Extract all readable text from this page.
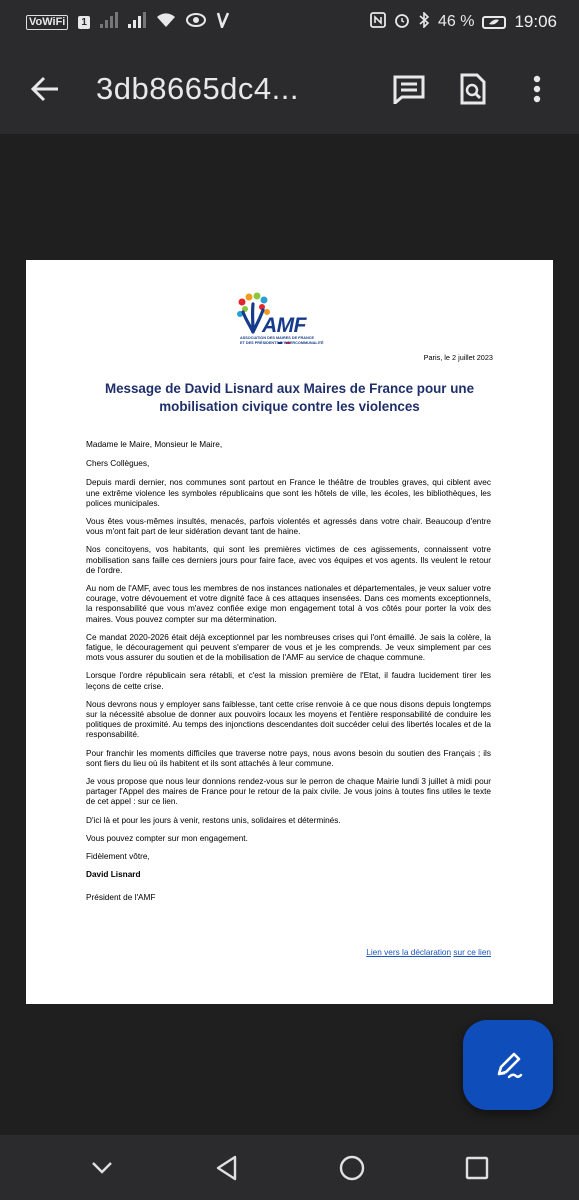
VoWiFi	1	46 % 19:06
3db8665dc4...
AMF
ASSOCIATION DES MAIRES DE FRANCE
ET DES PRÉSIDENTS D'INTERCOMMUNALITÉ
Paris, le 2 juillet 2023
Message de David Lisnard aux Maires de France pour une mobilisation civique contre les violences

Madame le Maire, Monsieur le Maire,

Chers Collègues,

Depuis mardi dernier, nos communes sont partout en France le théâtre de troubles graves, qui ciblent avec une extrême violence les symboles républicains que sont les hôtels de ville, les écoles, les bibliothèques, les polices municipales.

Vous êtes vous-mêmes insultés, menacés, parfois violentés et agressés dans votre chair. Beaucoup d'entre vous m'ont fait part de leur sidération devant tant de haine.

Nos concitoyens, vos habitants, qui sont les premières victimes de ces agissements, connaissent votre mobilisation sans faille ces derniers jours pour faire face, avec vos équipes et vos agents. Ils veulent le retour de l'ordre.

Au nom de l'AMF, avec tous les membres de nos instances nationales et départementales, je veux saluer votre courage, votre dévouement et votre dignité face à ces attaques insensées. Dans ces moments exceptionnels, la responsabilité que vous m'avez confiée exige mon engagement total à vos côtés pour porter la voix des maires. Vous pouvez compter sur ma détermination.

Ce mandat 2020-2026 était déjà exceptionnel par les nombreuses crises qui l'ont émaillé. Je sais la colère, la fatigue, le découragement qui peuvent s'emparer de vous et je les comprends. Je veux simplement par ces mots vous assurer du soutien et de la mobilisation de l'AMF au service de chaque commune.

Lorsque l'ordre républicain sera rétabli, et c'est la mission première de l'Etat, il faudra lucidement tirer les leçons de cette crise.

Nous devrons nous y employer sans faiblesse, tant cette crise renvoie à ce que nous disons depuis longtemps sur la nécessité absolue de donner aux pouvoirs locaux les moyens et l'entière responsabilité de conduire les politiques de proximité. Au temps des injonctions descendantes doit succéder celui des libertés locales et de la responsabilité.

Pour franchir les moments difficiles que traverse notre pays, nous avons besoin du soutien des Français ; ils sont fiers du lieu où ils habitent et ils sont attachés à leur commune.

Je vous propose que nous leur donnions rendez-vous sur le perron de chaque Mairie lundi 3 juillet à midi pour partager l'Appel des maires de France pour le retour de la paix civile. Je vous joins à toutes fins utiles le texte de cet appel : sur ce lien.

D'ici là et pour les jours à venir, restons unis, solidaires et déterminés.

Vous pouvez compter sur mon engagement.

Fidèlement vôtre,

David Lisnard

Président de l'AMF

Lien vers la déclaration sur ce lien
